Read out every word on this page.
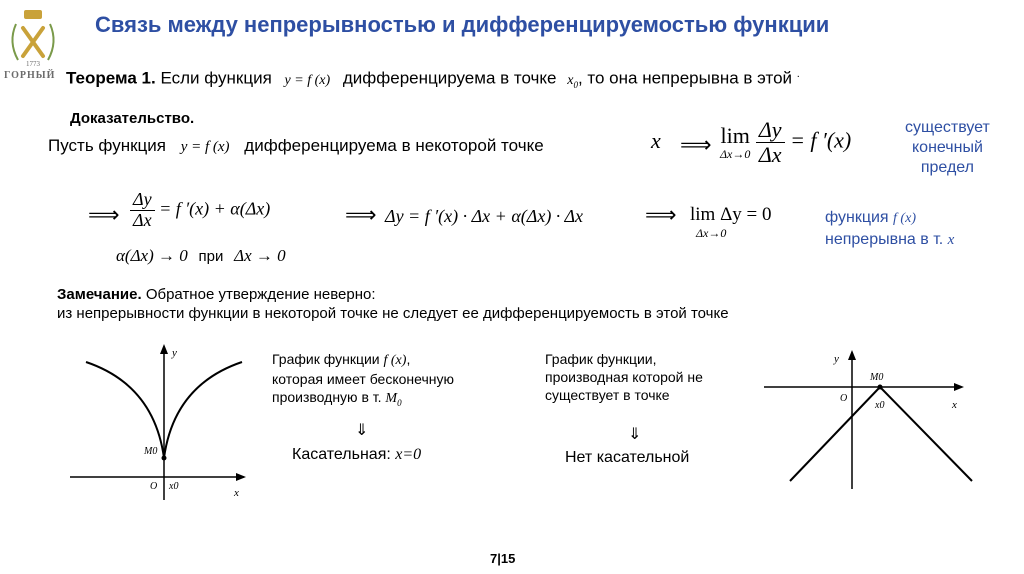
1773
ГОРНЫЙ
Связь между непрерывностью и дифференцируемостью функции
Теорема 1. Если функция y = f (x) дифференцируема в точке $x_0$, то она непрерывна в этой .
Доказательство.
Пусть функция y = f (x) дифференцируема в некоторой точке	x ⟹ lim
Δx→0
$\frac{\Delta y}{\Delta x} = f$ ′(x)
существует
конечный
предел
⟹ $\frac{\Delta y}{\Delta x} = f$ ′(x) + α(Δx)	⟹ Δy = f ′(x) · Δx + α(Δx) · Δx	⟹ lim Δy = 0
Δx→0
функция f (x)
непрерывна в т. x
α(Δx) → 0 при Δx → 0
Замечание. Обратное утверждение неверно:
из непрерывности функции в некоторой точке не следует ее дифференцируемость в этой точке
y
x
O x0
M0
График функции f (x),
которая имеет бесконечную
производную в т. $M_0$
⇓
Касательная: x=0
График функции,
производная которой не
существует в точке
⇓
Нет касательной
y
x
O
x0
M0
7|15
